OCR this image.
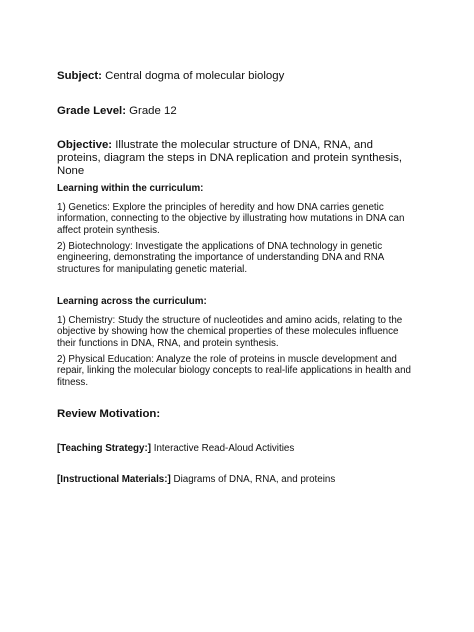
Subject: Central dogma of molecular biology

Grade Level: Grade 12

Objective: Illustrate the molecular structure of DNA, RNA, and proteins, diagram the steps in DNA replication and protein synthesis, None

Learning within the curriculum:

1) Genetics: Explore the principles of heredity and how DNA carries genetic information, connecting to the objective by illustrating how mutations in DNA can affect protein synthesis.

2) Biotechnology: Investigate the applications of DNA technology in genetic engineering, demonstrating the importance of understanding DNA and RNA structures for manipulating genetic material.

Learning across the curriculum:

1) Chemistry: Study the structure of nucleotides and amino acids, relating to the objective by showing how the chemical properties of these molecules influence their functions in DNA, RNA, and protein synthesis.

2) Physical Education: Analyze the role of proteins in muscle development and repair, linking the molecular biology concepts to real-life applications in health and fitness.

Review Motivation:

[Teaching Strategy:] Interactive Read-Aloud Activities

[Instructional Materials:] Diagrams of DNA, RNA, and proteins
